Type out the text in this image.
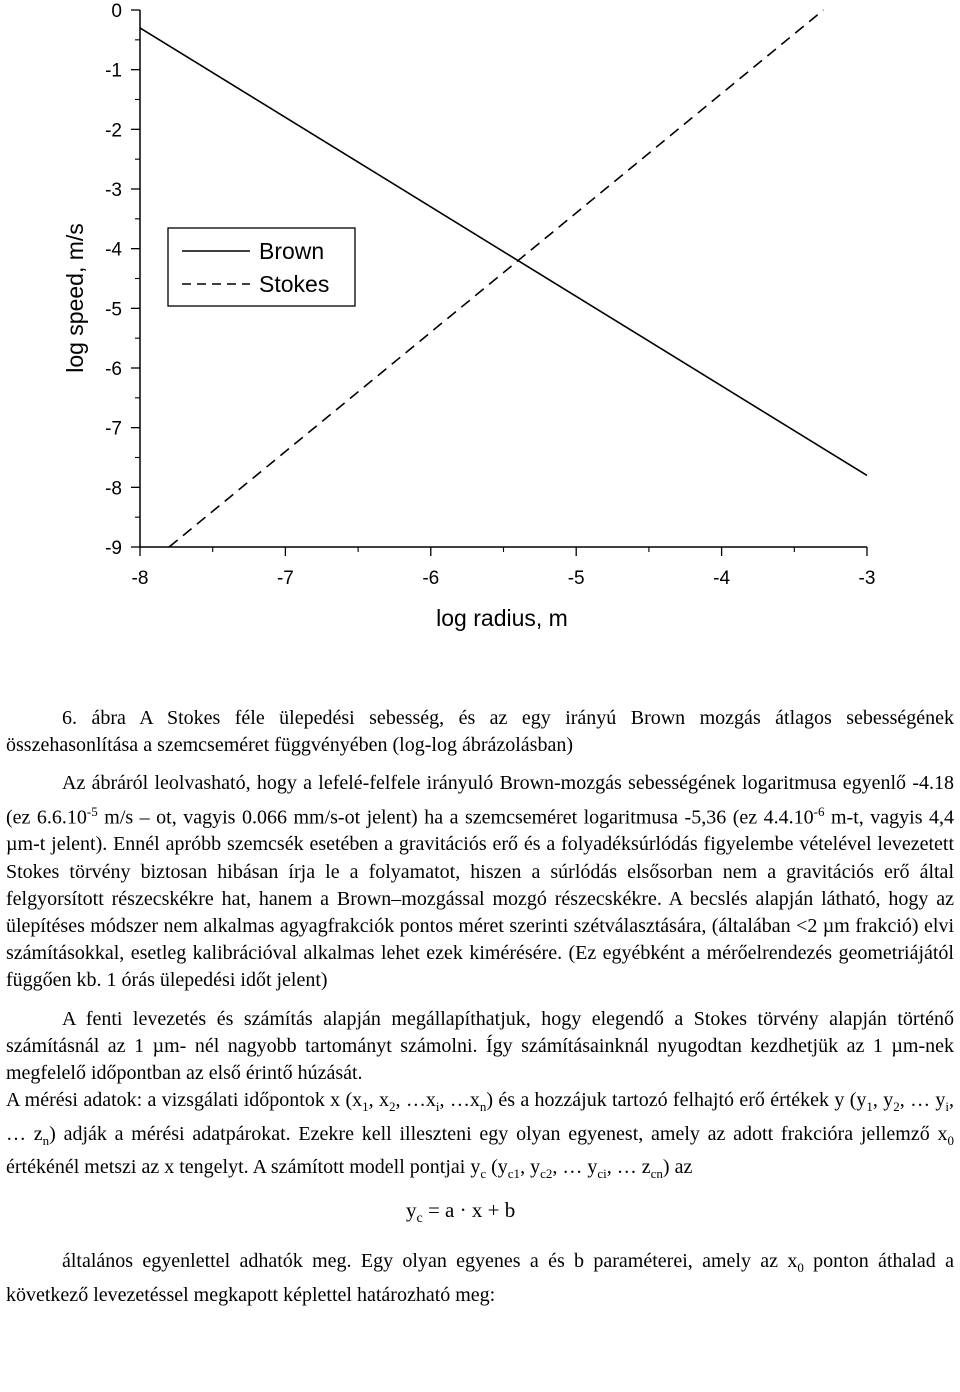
0
-1
-2
-3
-4
-5
-6
-7
-8
-9
-8	-7	-6	-5	-4	-3
log speed, m/s
log radius, m
Brown
Stokes

6. ábra A Stokes féle ülepedési sebesség, és az egy irányú Brown mozgás átlagos sebességének összehasonlítása a szemcseméret függvényében (log-log ábrázolásban)

Az ábráról leolvasható, hogy a lefelé-felfele irányuló Brown-mozgás sebességének logaritmusa egyenlő -4.18 (ez $6.6.10^{-5}$ m/s – ot, vagyis 0.066 mm/s-ot jelent) ha a szemcseméret logaritmusa -5,36 (ez $4.4.10^{-6}$ m-t, vagyis 4,4 µm-t jelent). Ennél apróbb szemcsék esetében a gravitációs erő és a folyadéksúrlódás figyelembe vételével levezetett Stokes törvény biztosan hibásan írja le a folyamatot, hiszen a súrlódás elsősorban nem a gravitációs erő által felgyorsított részecskékre hat, hanem a Brown–mozgással mozgó részecskékre. A becslés alapján látható, hogy az ülepítéses módszer nem alkalmas agyagfrakciók pontos méret szerinti szétválasztására, (általában <2 µm frakció) elvi számításokkal, esetleg kalibrációval alkalmas lehet ezek kimérésére. (Ez egyébként a mérőelrendezés geometriájától függően kb. 1 órás ülepedési időt jelent)

A fenti levezetés és számítás alapján megállapíthatjuk, hogy elegendő a Stokes törvény alapján történő számításnál az 1 µm- nél nagyobb tartományt számolni. Így számításainknál nyugodtan kezdhetjük az 1 µm-nek megfelelő időpontban az első érintő húzását.

A mérési adatok: a vizsgálati időpontok x ($x_1$, $x_2$, $\dots x_i$, $\dots x_n$) és a hozzájuk tartozó felhajtó erő értékek y ($y_1$, $y_2$, … $y_i$, … $z_n$) adják a mérési adatpárokat. Ezekre kell illeszteni egy olyan egyenest, amely az adott frakcióra jellemző $x_0$ értékénél metszi az x tengelyt. A számított modell pontjai $y_c$ ($y_{c1}$, $y_{c2}$, … $y_{ci}$, … $z_{cn}$) az

$y_c = a \cdot x + b$

általános egyenlettel adhatók meg. Egy olyan egyenes a és b paraméterei, amely az $x_0$ ponton áthalad a következő levezetéssel megkapott képlettel határozható meg:
